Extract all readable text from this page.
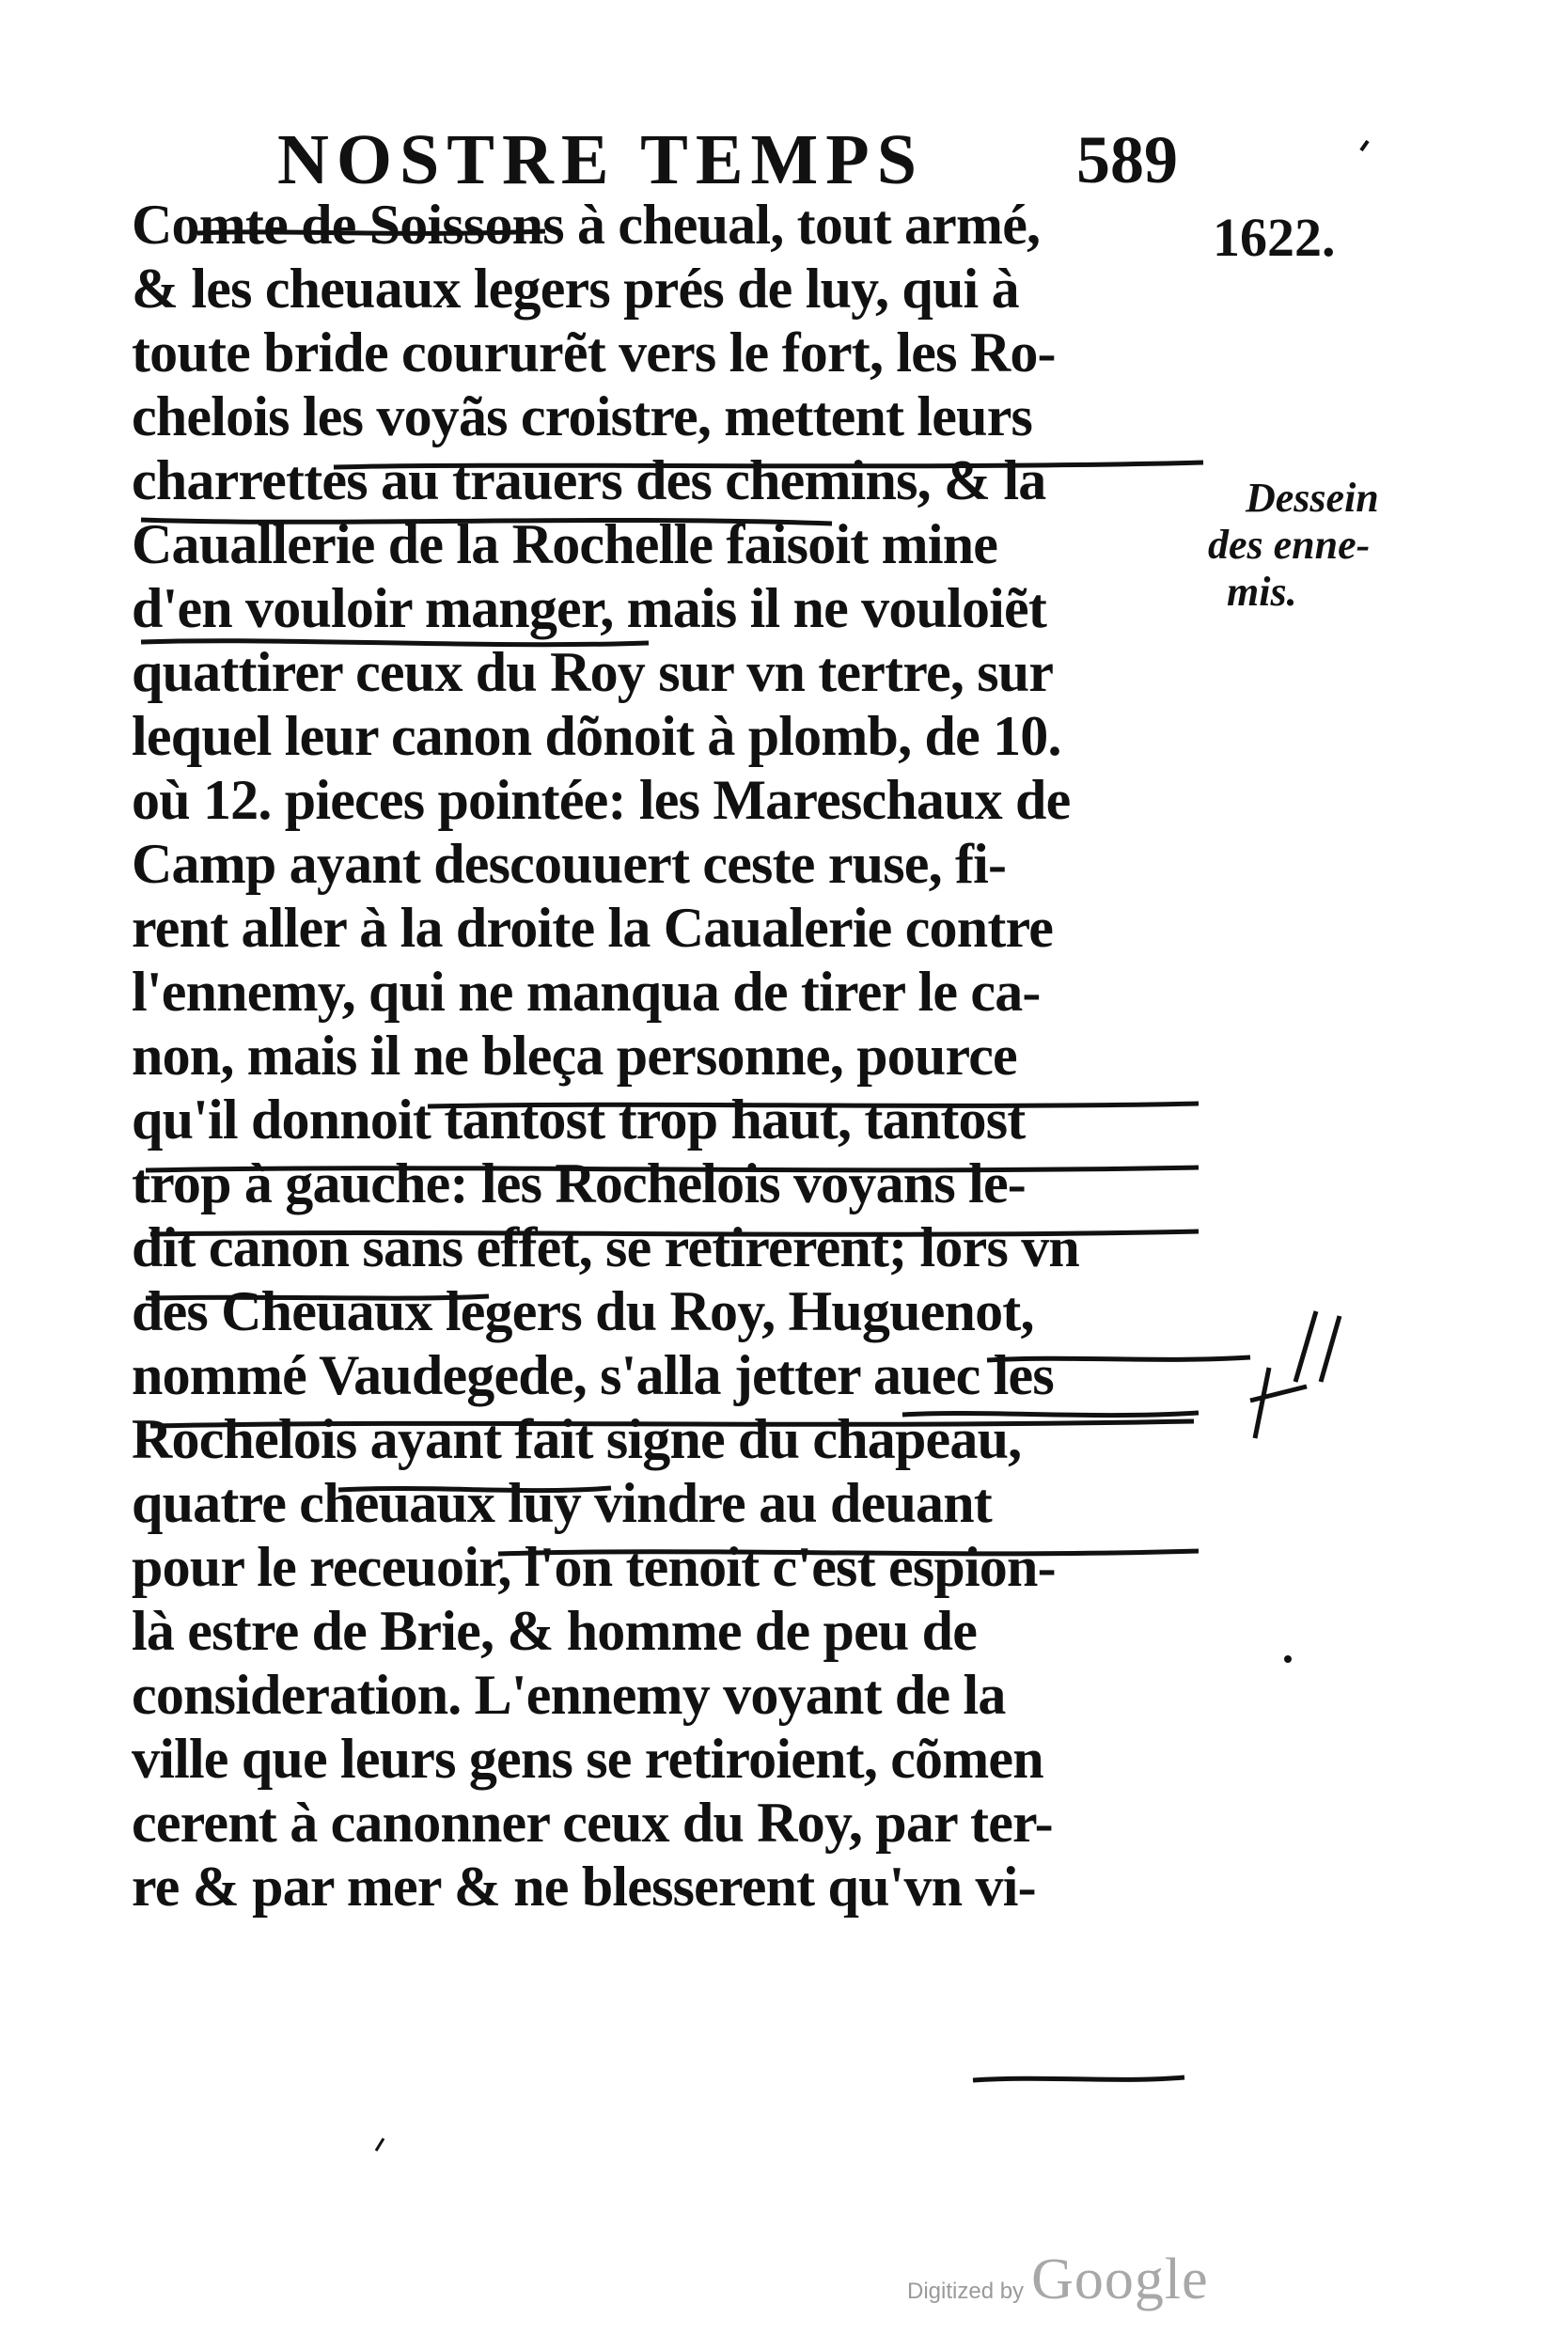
NOSTRE TEMPS 589
1622.
Comte de Soissons à cheual, tout armé,
& les cheuaux legers prés de luy, qui à
toute bride coururẽt vers le fort, les Ro-
chelois les voyãs croistre, mettent leurs
charrettes au trauers des chemins, & la
Cauallerie de la Rochelle faisoit mine
d'en vouloir manger, mais il ne vouloiẽt
quattirer ceux du Roy sur vn tertre, sur
lequel leur canon dõnoit à plomb, de 10.
où 12. pieces pointée: les Mareschaux de
Camp ayant descouuert ceste ruse, fi-
rent aller à la droite la Caualerie contre
l'ennemy, qui ne manqua de tirer le ca-
non, mais il ne bleça personne, pource
qu'il donnoit tantost trop haut, tantost
trop à gauche: les Rochelois voyans le-
dit canon sans effet, se retirerent; lors vn
des Cheuaux legers du Roy, Huguenot,
nommé Vaudegede, s'alla jetter auec les
Rochelois ayant fait signe du chapeau,
quatre cheuaux luy vindre au deuant
pour le receuoir, l'on tenoit c'est espion-
là estre de Brie, & homme de peu de
consideration. L'ennemy voyant de la
ville que leurs gens se retiroient, cõmen
cerent à canonner ceux du Roy, par ter-
re & par mer & ne blesserent qu'vn vi-
Dessein
des enne-
mis.
Digitized by Google
